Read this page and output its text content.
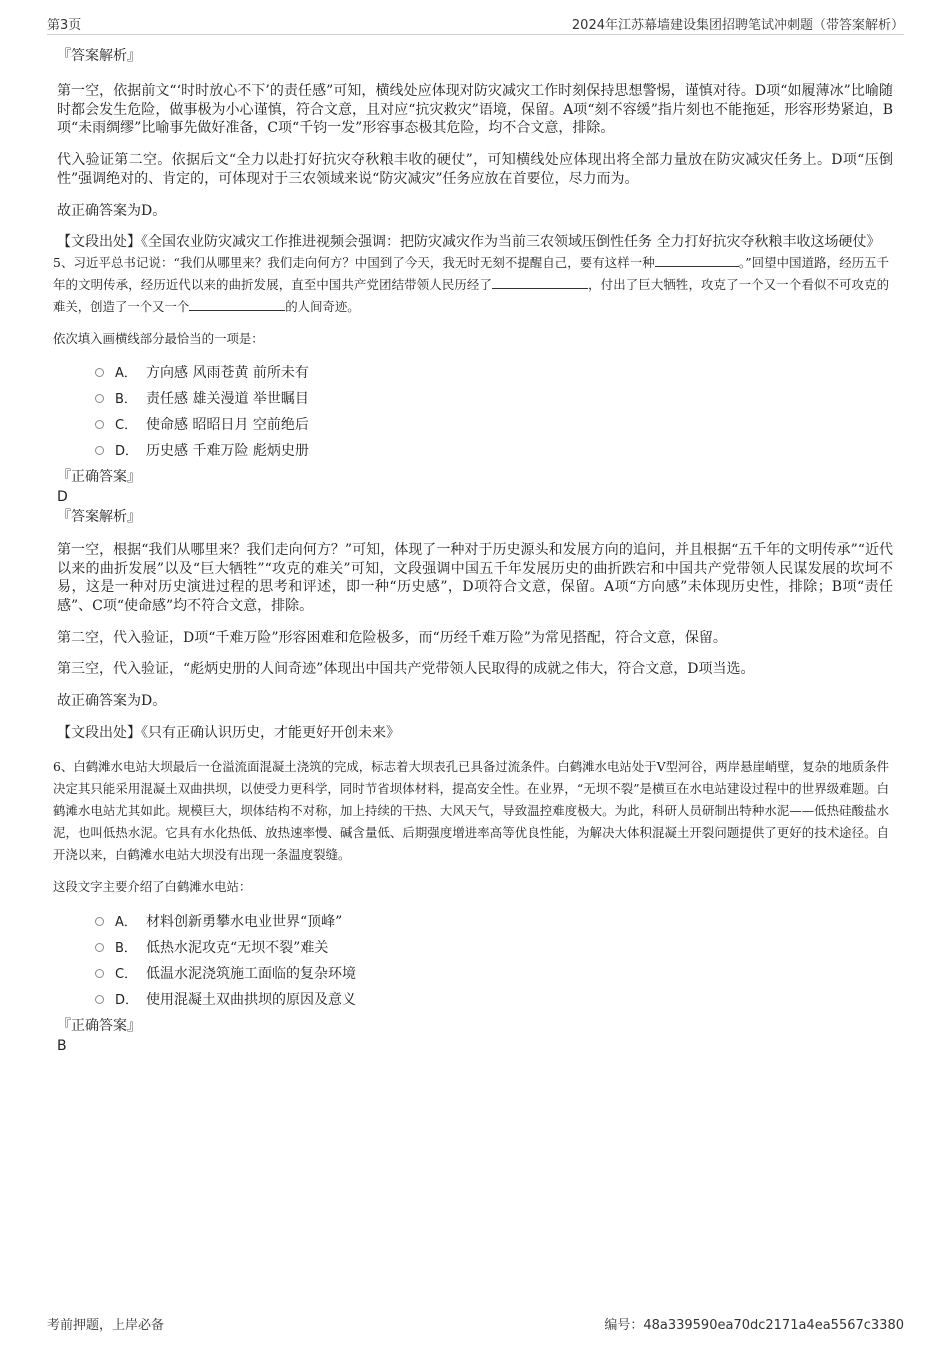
第3页	2024年江苏幕墙建设集团招聘笔试冲刺题（带答案解析）

『答案解析』

第一空，依据前文“‘时时放心不下’的责任感”可知，横线处应体现对防灾减灾工作时刻保持思想警惕，谨慎对待。D项“如履薄冰”比喻随时都会发生危险，做事极为小心谨慎，符合文意，且对应“抗灾救灾”语境，保留。A项“刻不容缓”指片刻也不能拖延，形容形势紧迫，B项“未雨绸缪”比喻事先做好准备，C项“千钧一发”形容事态极其危险，均不合文意，排除。

代入验证第二空。依据后文“全力以赴打好抗灾夺秋粮丰收的硬仗”，可知横线处应体现出将全部力量放在防灾减灾任务上。D项“压倒性”强调绝对的、肯定的，可体现对于三农领域来说“防灾减灾”任务应放在首要位，尽力而为。

故正确答案为D。

【文段出处】《全国农业防灾减灾工作推进视频会强调：把防灾减灾作为当前三农领域压倒性任务 全力打好抗灾夺秋粮丰收这场硬仗》

5、习近平总书记说：“我们从哪里来？我们走向何方？中国到了今天，我无时无刻不提醒自己，要有这样一种	。”回望中国道路，经历五千年的文明传承，经历近代以来的曲折发展，直至中国共产党团结带领人民历经了	，付出了巨大牺牲，攻克了一个又一个看似不可攻克的难关，创造了一个又一个	的人间奇迹。

依次填入画横线部分最恰当的一项是：

A． 方向感 风雨苍黄 前所未有
B． 责任感 雄关漫道 举世瞩目
C． 使命感 昭昭日月 空前绝后
D． 历史感 千难万险 彪炳史册

『正确答案』

D

『答案解析』

第一空，根据“我们从哪里来？我们走向何方？”可知，体现了一种对于历史源头和发展方向的追问，并且根据“五千年的文明传承”“近代以来的曲折发展”以及“巨大牺牲”“攻克的难关”可知，文段强调中国五千年发展历史的曲折跌宕和中国共产党带领人民谋发展的坎坷不易，这是一种对历史演进过程的思考和评述，即一种“历史感”，D项符合文意，保留。A项“方向感”未体现历史性，排除；B项“责任感”、C项“使命感”均不符合文意，排除。

第二空，代入验证，D项“千难万险”形容困难和危险极多，而“历经千难万险”为常见搭配，符合文意，保留。

第三空，代入验证，“彪炳史册的人间奇迹”体现出中国共产党带领人民取得的成就之伟大，符合文意，D项当选。

故正确答案为D。

【文段出处】《只有正确认识历史，才能更好开创未来》

6、白鹤滩水电站大坝最后一仓溢流面混凝土浇筑的完成，标志着大坝表孔已具备过流条件。白鹤滩水电站处于V型河谷，两岸悬崖峭壁，复杂的地质条件决定其只能采用混凝土双曲拱坝，以使受力更科学，同时节省坝体材料，提高安全性。在业界，“无坝不裂”是横亘在水电站建设过程中的世界级难题。白鹤滩水电站尤其如此。规模巨大，坝体结构不对称，加上持续的干热、大风天气，导致温控难度极大。为此，科研人员研制出特种水泥——低热硅酸盐水泥，也叫低热水泥。它具有水化热低、放热速率慢、碱含量低、后期强度增进率高等优良性能，为解决大体积混凝土开裂问题提供了更好的技术途径。自开浇以来，白鹤滩水电站大坝没有出现一条温度裂缝。

这段文字主要介绍了白鹤滩水电站：

A． 材料创新勇攀水电业世界“顶峰”
B． 低热水泥攻克“无坝不裂”难关
C． 低温水泥浇筑施工面临的复杂环境
D． 使用混凝土双曲拱坝的原因及意义

『正确答案』

B

考前押题，上岸必备	编号：48a339590ea70dc2171a4ea5567c3380
